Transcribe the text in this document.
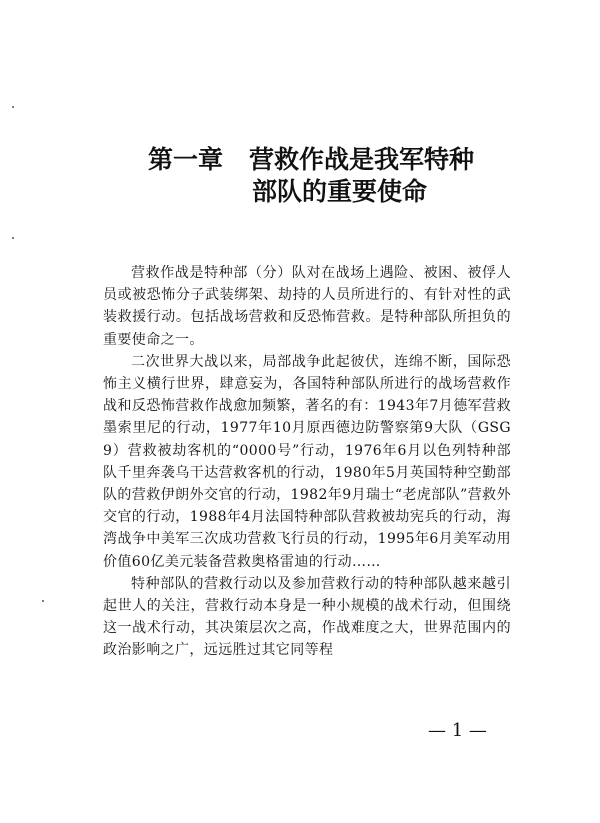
第一章 营救作战是我军特种
部队的重要使命

营救作战是特种部（分）队对在战场上遇险、被困、被俘人员或被恐怖分子武装绑架、劫持的人员所进行的、有针对性的武装救援行动。包括战场营救和反恐怖营救。是特种部队所担负的重要使命之一。

二次世界大战以来，局部战争此起彼伏，连绵不断，国际恐怖主义横行世界，肆意妄为，各国特种部队所进行的战场营救作战和反恐怖营救作战愈加频繁，著名的有：1943年7月德军营救墨索里尼的行动，1977年10月原西德边防警察第9大队（GSG9）营救被劫客机的“0000号”行动，1976年6月以色列特种部队千里奔袭乌干达营救客机的行动，1980年5月英国特种空勤部队的营救伊朗外交官的行动，1982年9月瑞士“老虎部队”营救外交官的行动，1988年4月法国特种部队营救被劫宪兵的行动，海湾战争中美军三次成功营救飞行员的行动，1995年6月美军动用价值60亿美元装备营救奥格雷迪的行动……

特种部队的营救行动以及参加营救行动的特种部队越来越引起世人的关注，营救行动本身是一种小规模的战术行动，但围绕这一战术行动，其决策层次之高，作战难度之大，世界范围内的政治影响之广，远远胜过其它同等程

— 1 —
